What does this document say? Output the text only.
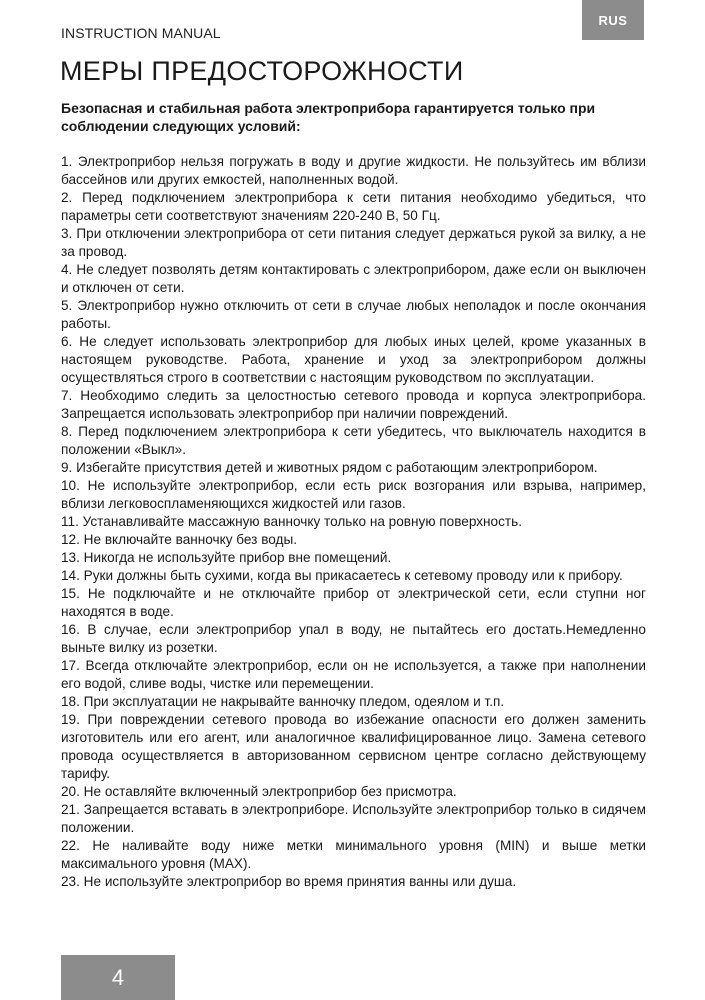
INSTRUCTION MANUAL
RUS
МЕРЫ ПРЕДОСТОРОЖНОСТИ

Безопасная и стабильная работа электроприбора гарантируется только при соблюдении следующих условий:

1. Электроприбор нельзя погружать в воду и другие жидкости. Не пользуйтесь им вблизи бассейнов или других емкостей, наполненных водой.
2. Перед подключением электроприбора к сети питания необходимо убедиться, что параметры сети соответствуют значениям 220-240 В, 50 Гц.
3. При отключении электроприбора от сети питания следует держаться рукой за вилку, а не за провод.
4. Не следует позволять детям контактировать с электроприбором, даже если он выключен и отключен от сети.
5. Электроприбор нужно отключить от сети в случае любых неполадок и после окончания работы.
6. Не следует использовать электроприбор для любых иных целей, кроме указанных в настоящем руководстве. Работа, хранение и уход за электроприбором должны осуществляться строго в соответствии с настоящим руководством по эксплуатации.
7. Необходимо следить за целостностью сетевого провода и корпуса электроприбора. Запрещается использовать электроприбор при наличии повреждений.
8. Перед подключением электроприбора к сети убедитесь, что выключатель находится в положении «Выкл».
9. Избегайте присутствия детей и животных рядом с работающим электроприбором.
10. Не используйте электроприбор, если есть риск возгорания или взрыва, например, вблизи легковоспламеняющихся жидкостей или газов.
11. Устанавливайте массажную ванночку только на ровную поверхность.
12. Не включайте ванночку без воды.
13. Никогда не используйте прибор вне помещений.
14. Руки должны быть сухими, когда вы прикасаетесь к сетевому проводу или к прибору.
15. Не подключайте и не отключайте прибор от электрической сети, если ступни ног находятся в воде.
16. В случае, если электроприбор упал в воду, не пытайтесь его достать.Немедленно выньте вилку из розетки.
17. Всегда отключайте электроприбор, если он не используется, а также при наполнении его водой, сливе воды, чистке или перемещении.
18. При эксплуатации не накрывайте ванночку пледом, одеялом и т.п.
19. При повреждении сетевого провода во избежание опасности его должен заменить изготовитель или его агент, или аналогичное квалифицированное лицо. Замена сетевого провода осуществляется в авторизованном сервисном центре согласно действующему тарифу.
20. Не оставляйте включенный электроприбор без присмотра.
21. Запрещается вставать в электроприборе. Используйте электроприбор только в сидячем положении.
22. Не наливайте воду ниже метки минимального уровня (MIN) и выше метки максимального уровня (MAX).
23. Не используйте электроприбор во время принятия ванны или душа.
4
